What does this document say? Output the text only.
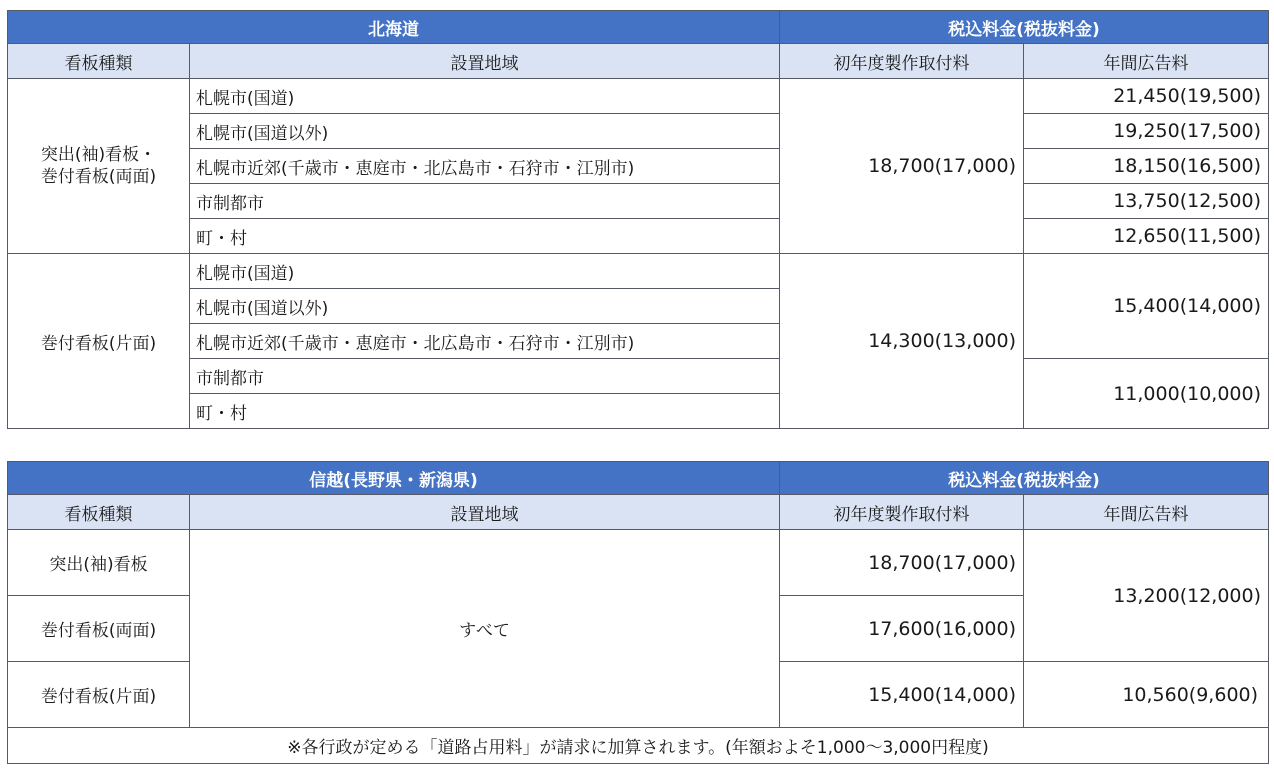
北海道		税込料金(税抜料金)	
看板種類	設置地域	初年度製作取付料	年間広告料
突出(袖)看板・
巻付看板(両面)	札幌市(国道)	18,700(17,000)	21,450(19,500)
	札幌市(国道以外)		19,250(17,500)
	札幌市近郊(千歳市・恵庭市・北広島市・石狩市・江別市)		18,150(16,500)
	市制都市		13,750(12,500)
	町・村		12,650(11,500)
巻付看板(片面)	札幌市(国道)	14,300(13,000)	15,400(14,000)
	札幌市(国道以外)		
	札幌市近郊(千歳市・恵庭市・北広島市・石狩市・江別市)		
	市制都市		11,000(10,000)
	町・村		
信越(長野県・新潟県)		税込料金(税抜料金)	
看板種類	設置地域	初年度製作取付料	年間広告料
突出(袖)看板	すべて	18,700(17,000)	13,200(12,000)
巻付看板(両面)		17,600(16,000)	
巻付看板(片面)		15,400(14,000)	10,560(9,600)
※各行政が定める「道路占用料」が請求に加算されます。(年額およそ1,000～3,000円程度)			
